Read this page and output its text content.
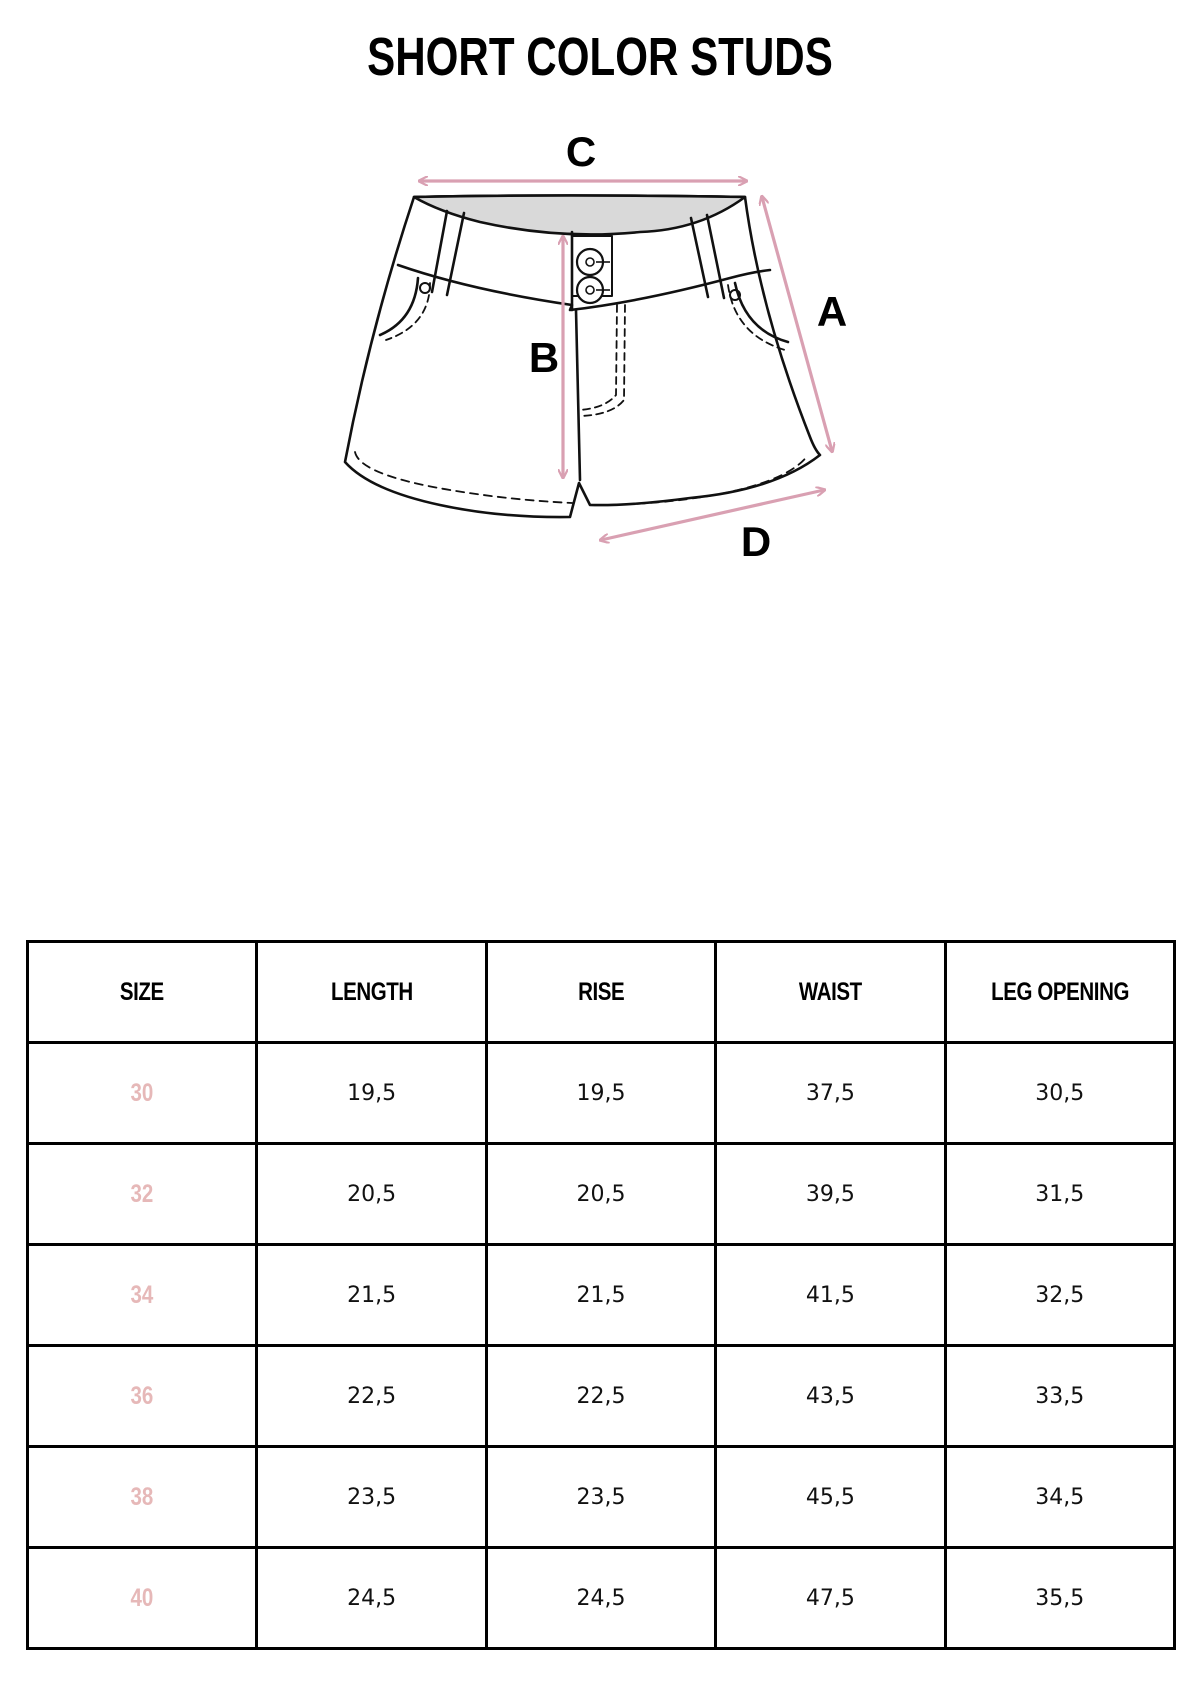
SHORT COLOR STUDS
C
B
A
D
SIZE	LENGTH	RISE	WAIST	LEG OPENING
30	19,5	19,5	37,5	30,5
32	20,5	20,5	39,5	31,5
34	21,5	21,5	41,5	32,5
36	22,5	22,5	43,5	33,5
38	23,5	23,5	45,5	34,5
40	24,5	24,5	47,5	35,5
